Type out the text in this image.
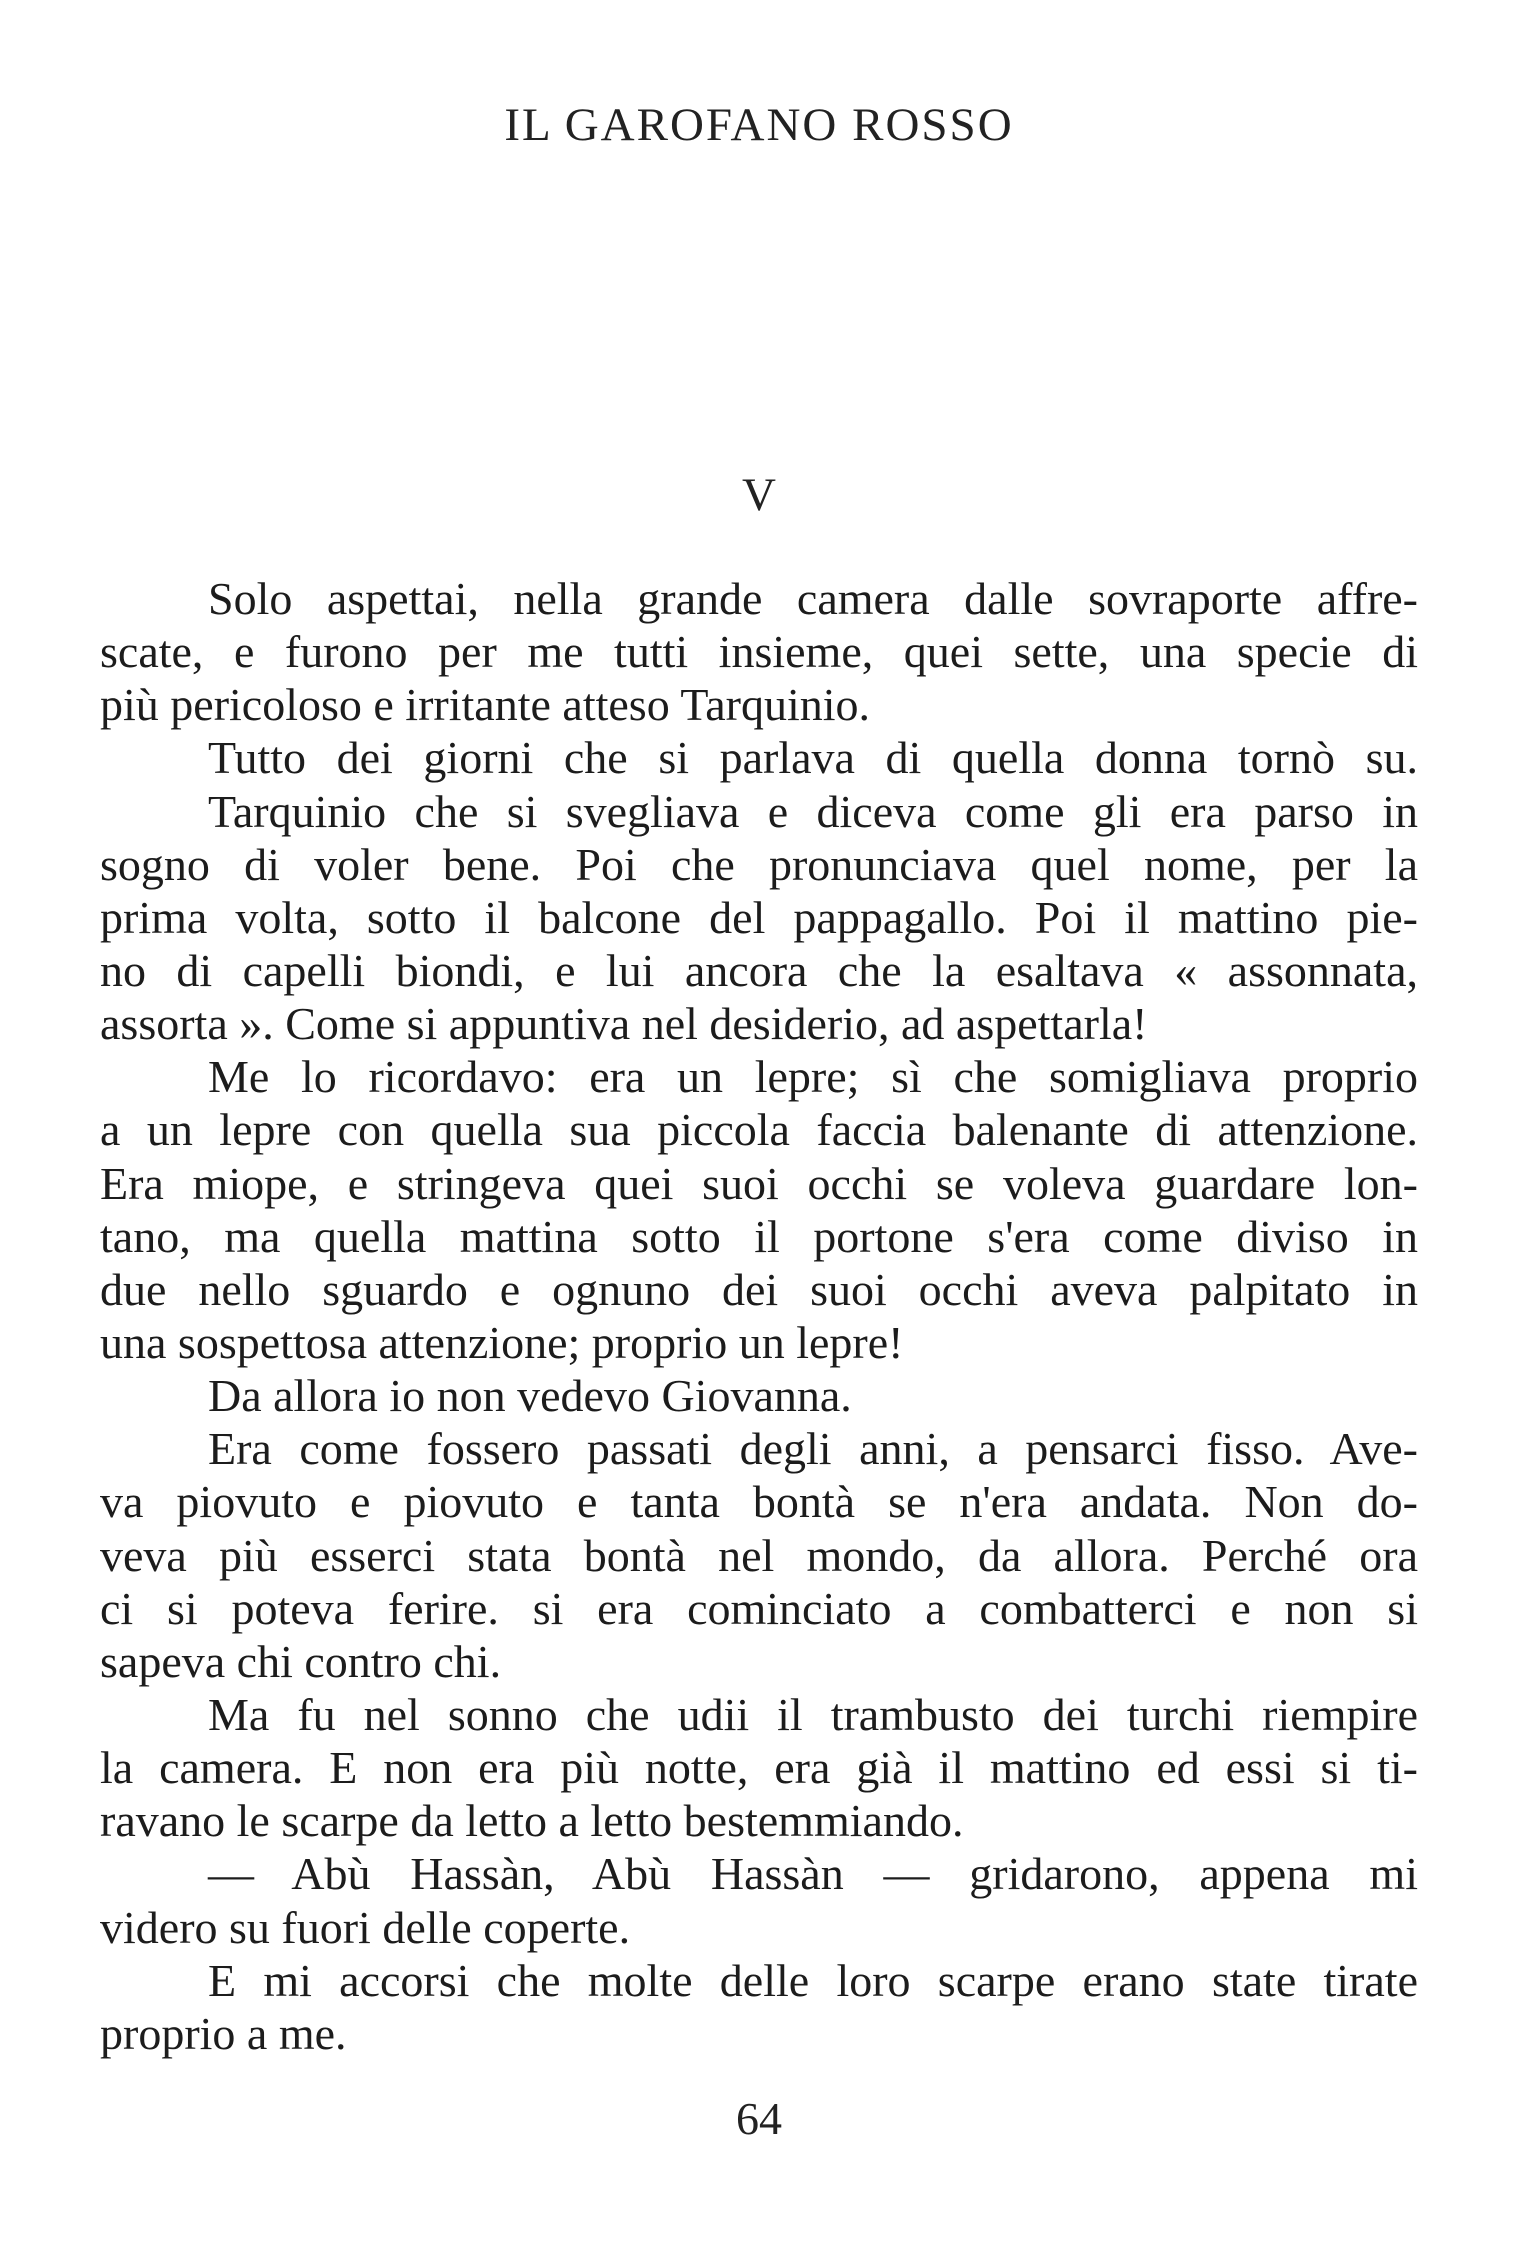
IL GAROFANO ROSSO
V
Solo aspettai, nella grande camera dalle sovraporte affre-
scate, e furono per me tutti insieme, quei sette, una specie di
più pericoloso e irritante atteso Tarquinio.
Tutto dei giorni che si parlava di quella donna tornò su.
Tarquinio che si svegliava e diceva come gli era parso in
sogno di voler bene. Poi che pronunciava quel nome, per la
prima volta, sotto il balcone del pappagallo. Poi il mattino pie-
no di capelli biondi, e lui ancora che la esaltava « assonnata,
assorta ». Come si appuntiva nel desiderio, ad aspettarla!
Me lo ricordavo: era un lepre; sì che somigliava proprio
a un lepre con quella sua piccola faccia balenante di attenzione.
Era miope, e stringeva quei suoi occhi se voleva guardare lon-
tano, ma quella mattina sotto il portone s'era come diviso in
due nello sguardo e ognuno dei suoi occhi aveva palpitato in
una sospettosa attenzione; proprio un lepre!
Da allora io non vedevo Giovanna.
Era come fossero passati degli anni, a pensarci fisso. Ave-
va piovuto e piovuto e tanta bontà se n'era andata. Non do-
veva più esserci stata bontà nel mondo, da allora. Perché ora
ci si poteva ferire. si era cominciato a combatterci e non si
sapeva chi contro chi.
Ma fu nel sonno che udii il trambusto dei turchi riempire
la camera. E non era più notte, era già il mattino ed essi si ti-
ravano le scarpe da letto a letto bestemmiando.
— Abù Hassàn, Abù Hassàn — gridarono, appena mi
videro su fuori delle coperte.
E mi accorsi che molte delle loro scarpe erano state tirate
proprio a me.
64
